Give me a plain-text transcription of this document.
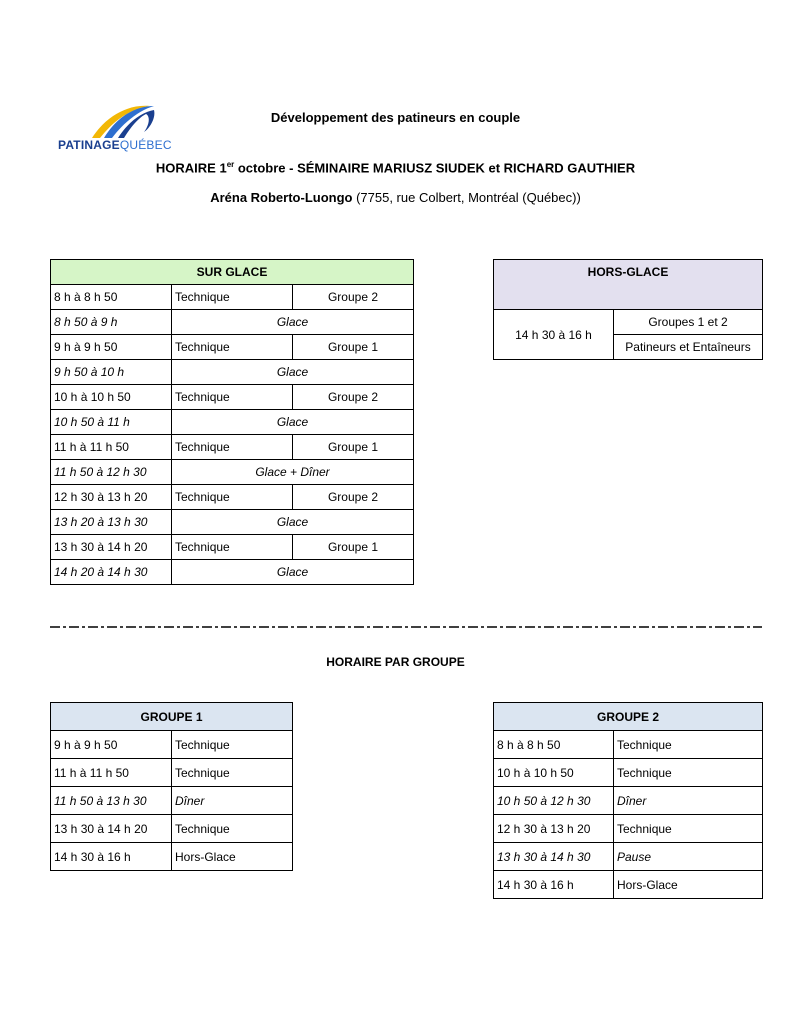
PATINAGEQUÉBEC
Développement des patineurs en couple
HORAIRE 1er octobre - SÉMINAIRE MARIUSZ SIUDEK et RICHARD GAUTHIER
Aréna Roberto-Luongo (7755, rue Colbert, Montréal (Québec))
SUR GLACE		
8 h à 8 h 50	Technique	Groupe 2
8 h 50 à 9 h	Glace	
9 h à 9 h 50	Technique	Groupe 1
9 h 50 à 10 h	Glace	
10 h à 10 h 50	Technique	Groupe 2
10 h 50 à 11 h	Glace	
11 h à 11 h 50	Technique	Groupe 1
11 h 50 à 12 h 30	Glace + Dîner	
12 h 30 à 13 h 20	Technique	Groupe 2
13 h 20 à 13 h 30	Glace	
13 h 30 à 14 h 20	Technique	Groupe 1
14 h 20 à 14 h 30	Glace	
HORS-GLACE
14 h 30 à 16 h	Groupes 1 et 2
Patineurs et Entaîneurs
HORAIRE PAR GROUPE
GROUPE 1	
9 h à 9 h 50	Technique
11 h à 11 h 50	Technique
11 h 50 à 13 h 30	Dîner
13 h 30 à 14 h 20	Technique
14 h 30 à 16 h	Hors-Glace
GROUPE 2	
8 h à 8 h 50	Technique
10 h à 10 h 50	Technique
10 h 50 à 12 h 30	Dîner
12 h 30 à 13 h 20	Technique
13 h 30 à 14 h 30	Pause
14 h 30 à 16 h	Hors-Glace
